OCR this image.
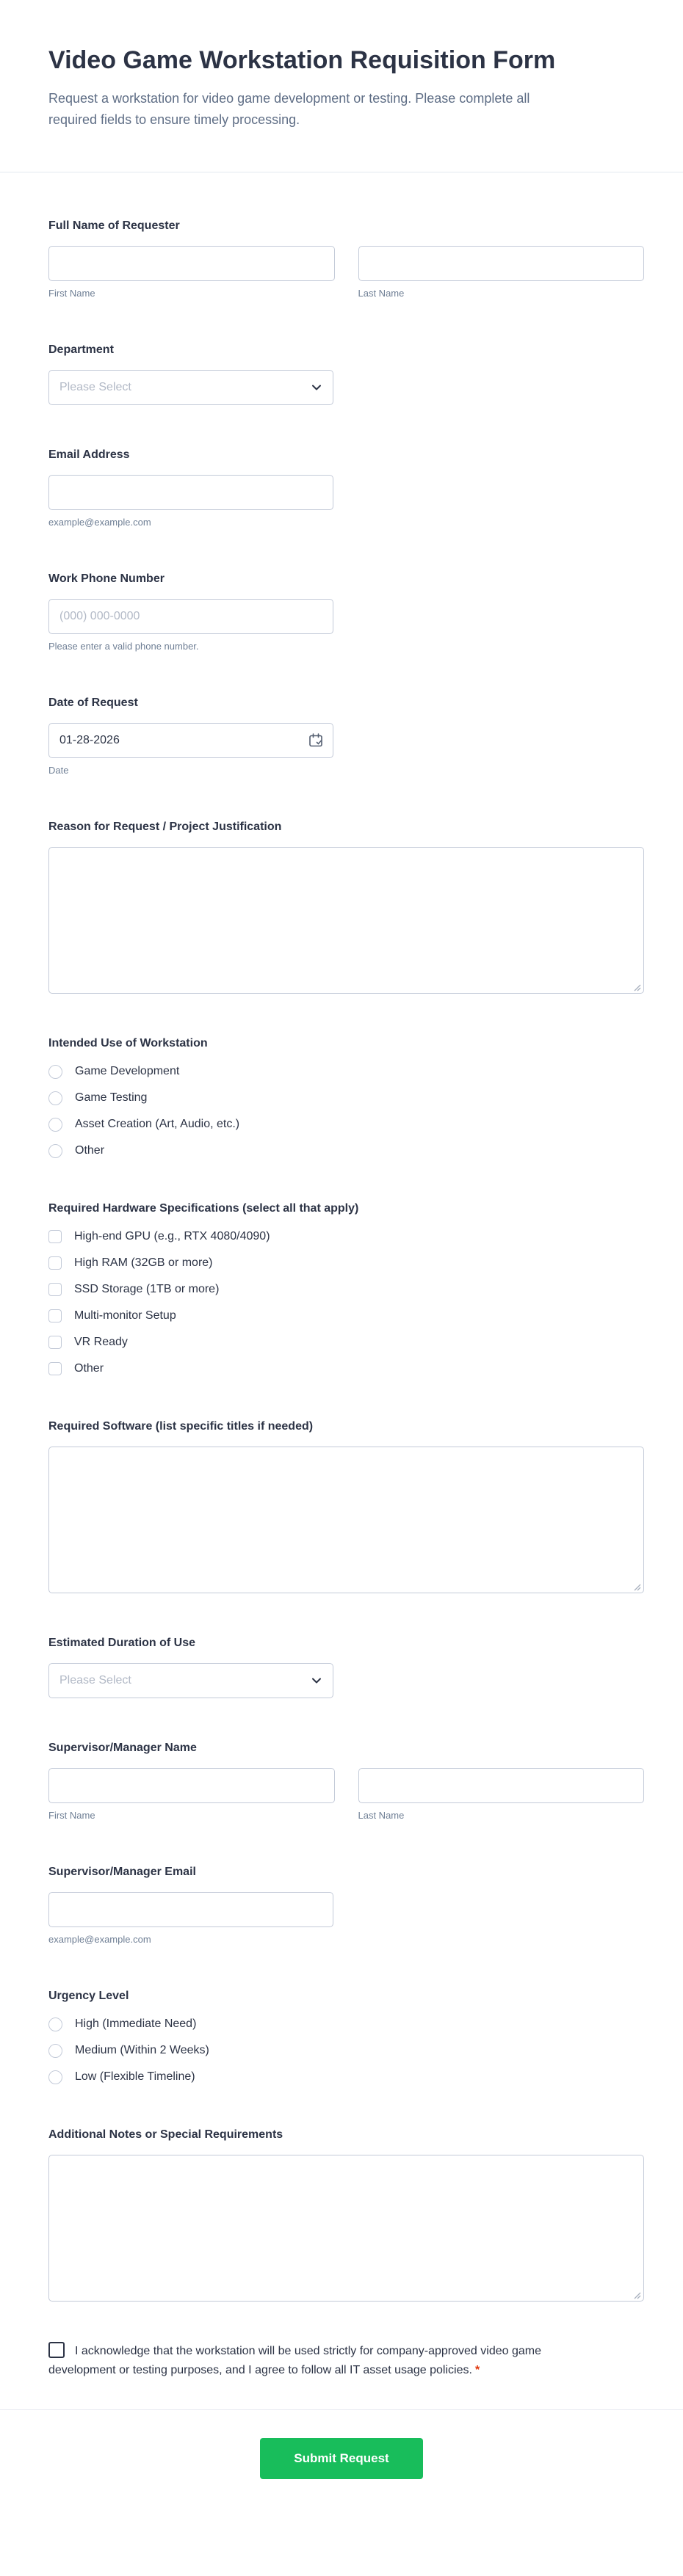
Video Game Workstation Requisition Form
Request a workstation for video game development or testing. Please complete all required fields to ensure timely processing.
Full Name of Requester
First Name	Last Name
Department
Please Select
Email Address
example@example.com
Work Phone Number
(000) 000-0000
Please enter a valid phone number.
Date of Request
01-28-2026
Date
Reason for Request / Project Justification
Intended Use of Workstation
Game Development
Game Testing
Asset Creation (Art, Audio, etc.)
Other
Required Hardware Specifications (select all that apply)
High-end GPU (e.g., RTX 4080/4090)
High RAM (32GB or more)
SSD Storage (1TB or more)
Multi-monitor Setup
VR Ready
Other
Required Software (list specific titles if needed)
Estimated Duration of Use
Please Select
Supervisor/Manager Name
First Name	Last Name
Supervisor/Manager Email
example@example.com
Urgency Level
High (Immediate Need)
Medium (Within 2 Weeks)
Low (Flexible Timeline)
Additional Notes or Special Requirements
I acknowledge that the workstation will be used strictly for company-approved video game development or testing purposes, and I agree to follow all IT asset usage policies. *
Submit Request
